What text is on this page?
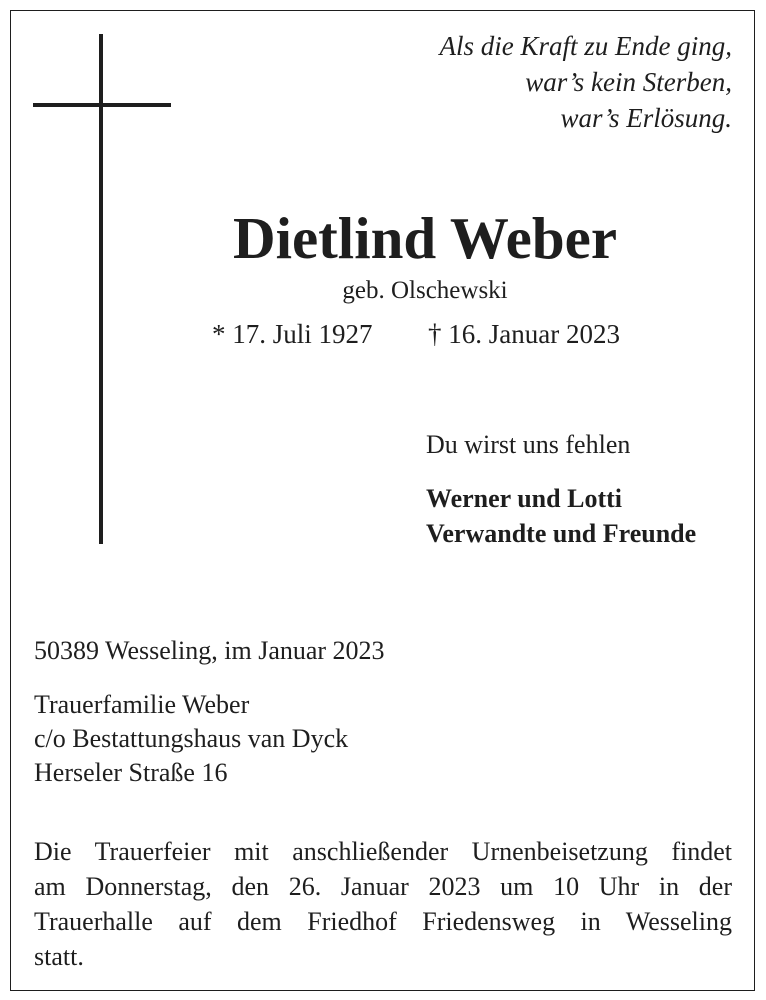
Als die Kraft zu Ende ging,
war’s kein Sterben,
war’s Erlösung.
Dietlind Weber
geb. Olschewski
* 17. Juli 1927 † 16. Januar 2023
Du wirst uns fehlen
Werner und Lotti
Verwandte und Freunde
50389 Wesseling, im Januar 2023
Trauerfamilie Weber
c/o Bestattungshaus van Dyck
Herseler Straße 16
Die Trauerfeier mit anschließender Urnenbeisetzung findet
am Donnerstag, den 26. Januar 2023 um 10 Uhr in der
Trauerhalle auf dem Friedhof Friedensweg in Wesseling
statt.
